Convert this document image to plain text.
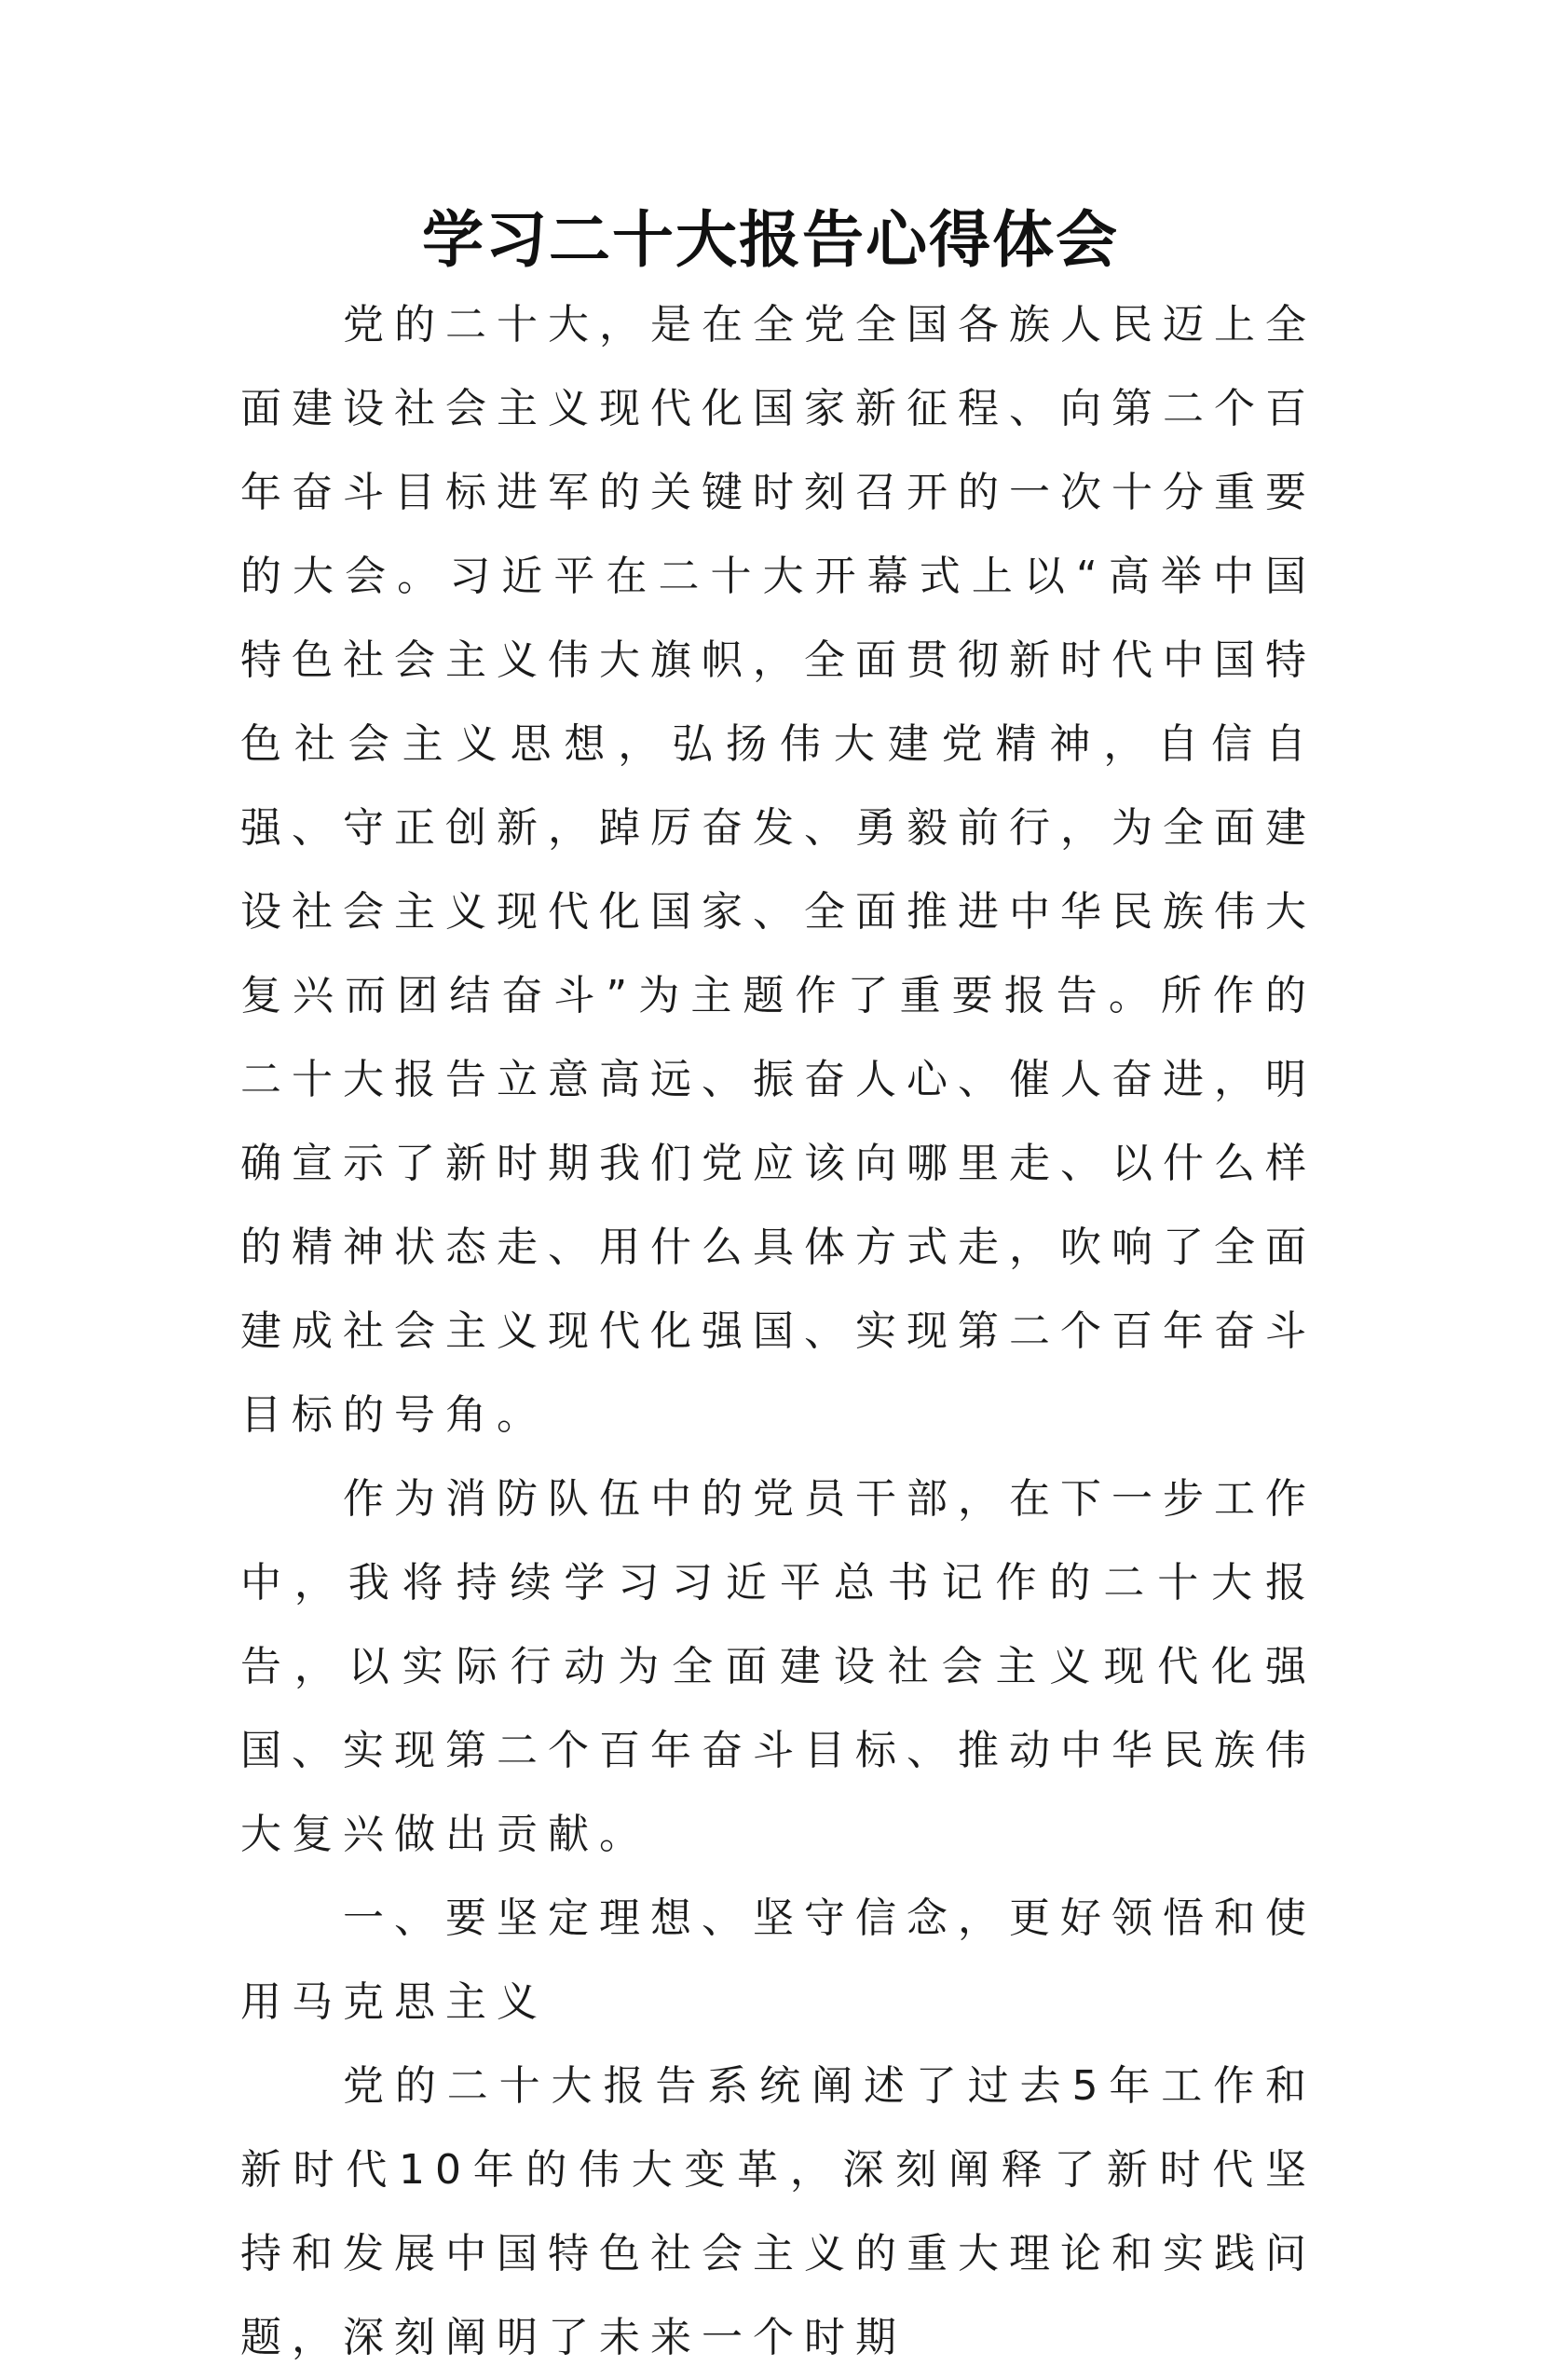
学习二十大报告心得体会

党的二十大，是在全党全国各族人民迈上全面建设社会主义现代化国家新征程、向第二个百年奋斗目标进军的关键时刻召开的一次十分重要的大会。习近平在二十大开幕式上以“高举中国特色社会主义伟大旗帜，全面贯彻新时代中国特色社会主义思想，弘扬伟大建党精神，自信自强、守正创新，踔厉奋发、勇毅前行，为全面建设社会主义现代化国家、全面推进中华民族伟大复兴而团结奋斗”为主题作了重要报告。所作的二十大报告立意高远、振奋人心、催人奋进，明确宣示了新时期我们党应该向哪里走、以什么样的精神状态走、用什么具体方式走，吹响了全面建成社会主义现代化强国、实现第二个百年奋斗目标的号角。

作为消防队伍中的党员干部，在下一步工作中，我将持续学习习近平总书记作的二十大报告，以实际行动为全面建设社会主义现代化强国、实现第二个百年奋斗目标、推动中华民族伟大复兴做出贡献。

一、要坚定理想、坚守信念，更好领悟和使用马克思主义

党的二十大报告系统阐述了过去5年工作和新时代10年的伟大变革，深刻阐释了新时代坚持和发展中国特色社会主义的重大理论和实践问题，深刻阐明了未来一个时期
